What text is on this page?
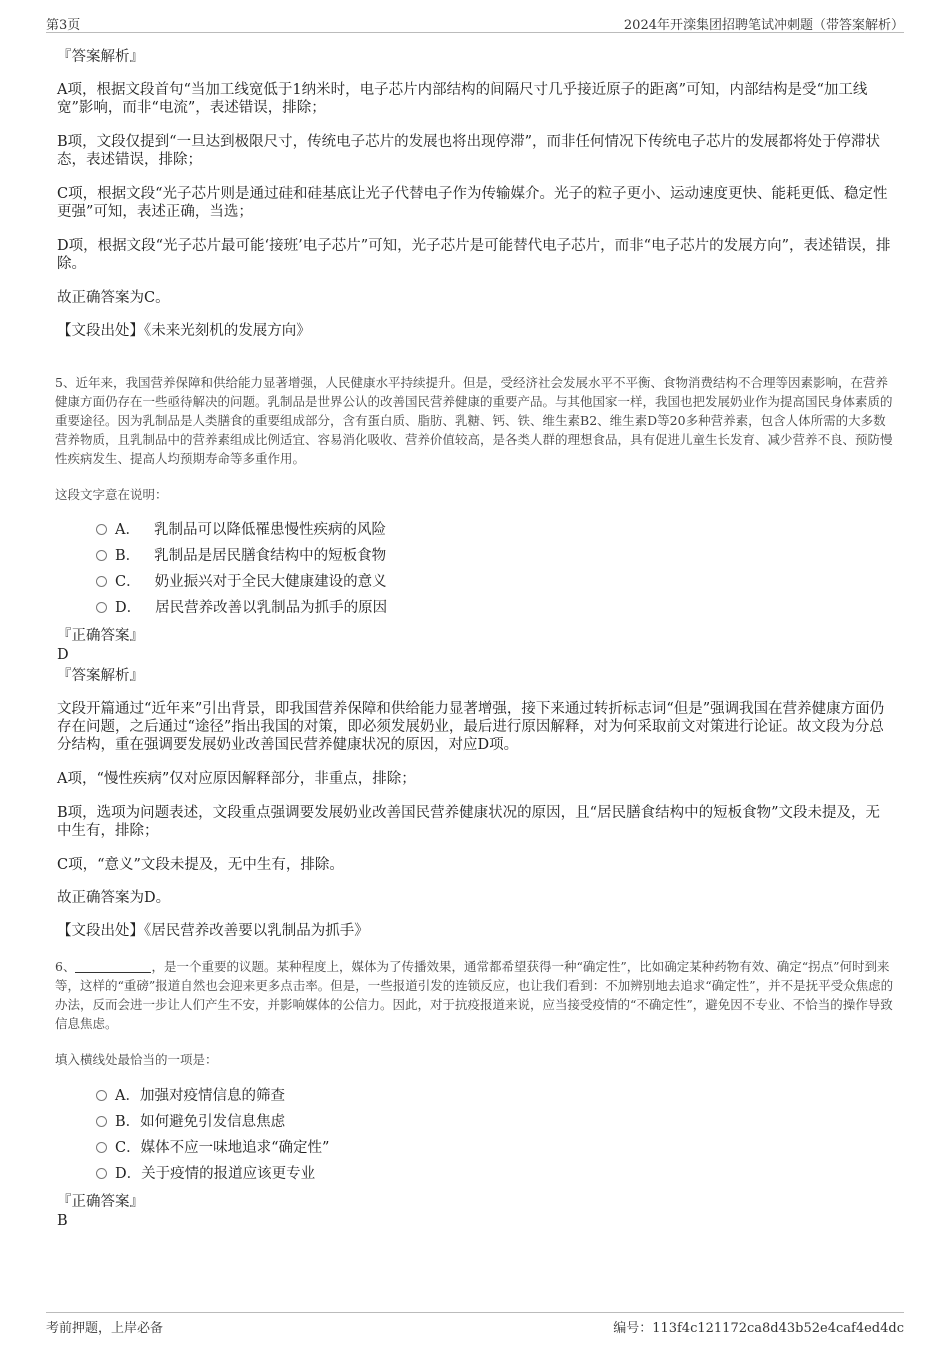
第3页	2024年开滦集团招聘笔试冲刺题（带答案解析）

『答案解析』

A项，根据文段首句“当加工线宽低于1纳米时，电子芯片内部结构的间隔尺寸几乎接近原子的距离”可知，内部结构是受“加工线宽”影响，而非“电流”，表述错误，排除；

B项，文段仅提到“一旦达到极限尺寸，传统电子芯片的发展也将出现停滞”，而非任何情况下传统电子芯片的发展都将处于停滞状态，表述错误，排除；

C项，根据文段“光子芯片则是通过硅和硅基底让光子代替电子作为传输媒介。光子的粒子更小、运动速度更快、能耗更低、稳定性更强”可知，表述正确，当选；

D项，根据文段“光子芯片最可能‘接班’电子芯片”可知，光子芯片是可能替代电子芯片，而非“电子芯片的发展方向”，表述错误，排除。

故正确答案为C。

【文段出处】《未来光刻机的发展方向》

5、近年来，我国营养保障和供给能力显著增强，人民健康水平持续提升。但是，受经济社会发展水平不平衡、食物消费结构不合理等因素影响，在营养健康方面仍存在一些亟待解决的问题。乳制品是世界公认的改善国民营养健康的重要产品。与其他国家一样，我国也把发展奶业作为提高国民身体素质的重要途径。因为乳制品是人类膳食的重要组成部分，含有蛋白质、脂肪、乳糖、钙、铁、维生素B2、维生素D等20多种营养素，包含人体所需的大多数营养物质，且乳制品中的营养素组成比例适宜、容易消化吸收、营养价值较高，是各类人群的理想食品，具有促进儿童生长发育、减少营养不良、预防慢性疾病发生、提高人均预期寿命等多重作用。

这段文字意在说明：

A． 乳制品可以降低罹患慢性疾病的风险
B． 乳制品是居民膳食结构中的短板食物
C． 奶业振兴对于全民大健康建设的意义
D． 居民营养改善以乳制品为抓手的原因

『正确答案』

D

『答案解析』

文段开篇通过“近年来”引出背景，即我国营养保障和供给能力显著增强，接下来通过转折标志词“但是”强调我国在营养健康方面仍存在问题，之后通过“途径”指出我国的对策，即必须发展奶业，最后进行原因解释，对为何采取前文对策进行论证。故文段为分总分结构，重在强调要发展奶业改善国民营养健康状况的原因，对应D项。

A项，“慢性疾病”仅对应原因解释部分，非重点，排除；

B项，选项为问题表述，文段重点强调要发展奶业改善国民营养健康状况的原因，且“居民膳食结构中的短板食物”文段未提及，无中生有，排除；

C项，“意义”文段未提及，无中生有，排除。

故正确答案为D。

【文段出处】《居民营养改善要以乳制品为抓手》

6、	，是一个重要的议题。某种程度上，媒体为了传播效果，通常都希望获得一种“确定性”，比如确定某种药物有效、确定“拐点”何时到来等，这样的“重磅”报道自然也会迎来更多点击率。但是，一些报道引发的连锁反应，也让我们看到：不加辨别地去追求“确定性”，并不是抚平受众焦虑的办法，反而会进一步让人们产生不安，并影响媒体的公信力。因此，对于抗疫报道来说，应当接受疫情的“不确定性”，避免因不专业、不恰当的操作导致信息焦虑。

填入横线处最恰当的一项是：

A．加强对疫情信息的筛查
B．如何避免引发信息焦虑
C．媒体不应一味地追求“确定性”
D．关于疫情的报道应该更专业

『正确答案』

B

考前押题，上岸必备	编号：113f4c121172ca8d43b52e4caf4ed4dc
